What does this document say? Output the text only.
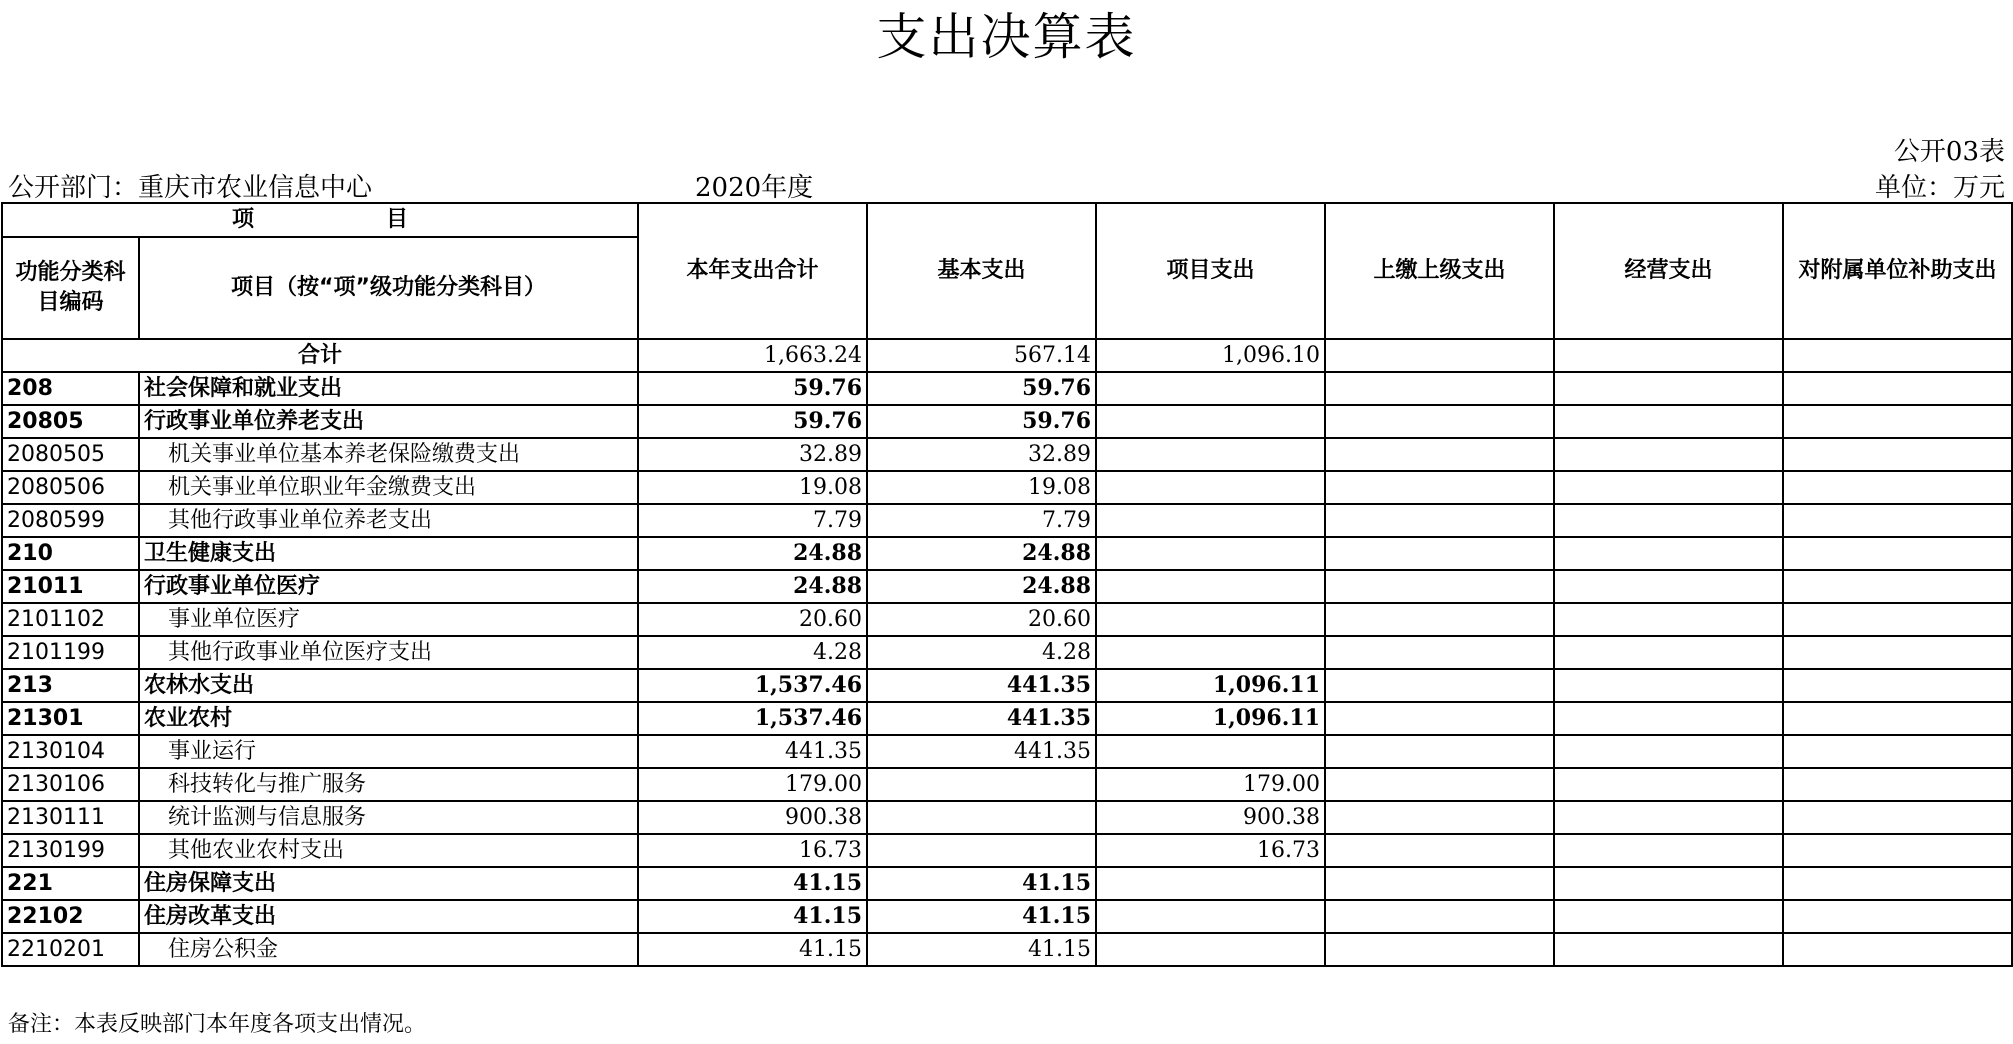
支出决算表
公开03表
公开部门：重庆市农业信息中心	2020年度	单位：万元
项　　　　　　目		本年支出合计	基本支出	项目支出	上缴上级支出	经营支出	对附属单位补助支出
功能分类科目编码	项目（按“项”级功能分类科目）						
合计		1,663.24	567.14	1,096.10			
208	社会保障和就业支出	59.76	59.76				
20805	行政事业单位养老支出	59.76	59.76				
2080505	机关事业单位基本养老保险缴费支出	32.89	32.89				
2080506	机关事业单位职业年金缴费支出	19.08	19.08				
2080599	其他行政事业单位养老支出	7.79	7.79				
210	卫生健康支出	24.88	24.88				
21011	行政事业单位医疗	24.88	24.88				
2101102	事业单位医疗	20.60	20.60				
2101199	其他行政事业单位医疗支出	4.28	4.28				
213	农林水支出	1,537.46	441.35	1,096.11			
21301	农业农村	1,537.46	441.35	1,096.11			
2130104	事业运行	441.35	441.35				
2130106	科技转化与推广服务	179.00		179.00			
2130111	统计监测与信息服务	900.38		900.38			
2130199	其他农业农村支出	16.73		16.73			
221	住房保障支出	41.15	41.15				
22102	住房改革支出	41.15	41.15				
2210201	住房公积金	41.15	41.15				
备注：本表反映部门本年度各项支出情况。
